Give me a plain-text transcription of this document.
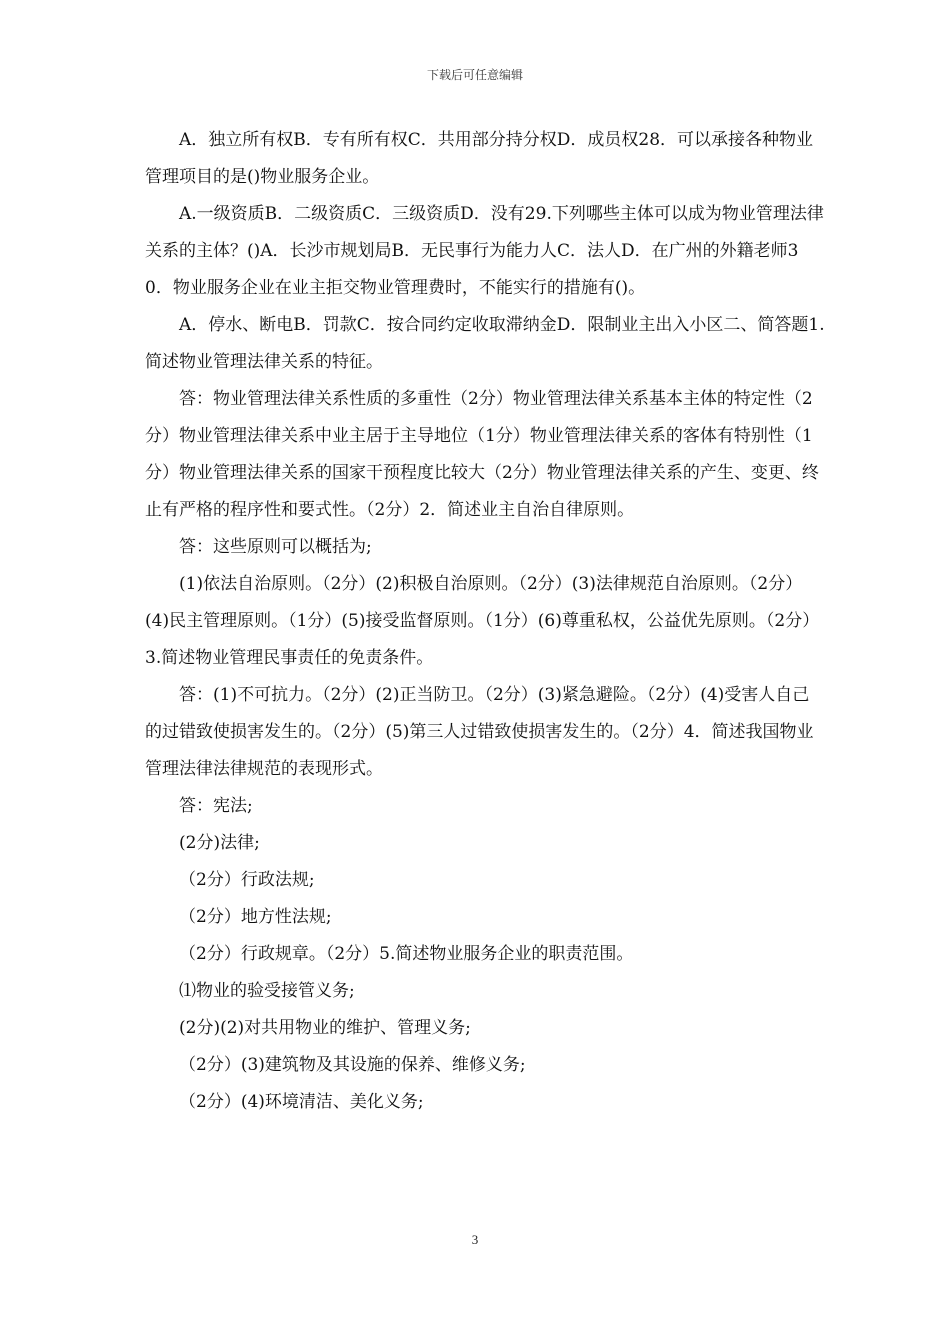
下载后可任意编辑

A．独立所有权B．专有所有权C．共用部分持分权D．成员权28．可以承接各种物业管理项目的是()物业服务企业。

A.一级资质B．二级资质C．三级资质D．没有29.下列哪些主体可以成为物业管理法律关系的主体？()A．长沙市规划局B．无民事行为能力人C．法人D．在广州的外籍老师30．物业服务企业在业主拒交物业管理费时，不能实行的措施有()。

A．停水、断电B．罚款C．按合同约定收取滞纳金D．限制业主出入小区二、简答题1.简述物业管理法律关系的特征。

答：物业管理法律关系性质的多重性（2分）物业管理法律关系基本主体的特定性（2分）物业管理法律关系中业主居于主导地位（1分）物业管理法律关系的客体有特别性（1分）物业管理法律关系的国家干预程度比较大（2分）物业管理法律关系的产生、变更、终止有严格的程序性和要式性。（2分）2．简述业主自治自律原则。

答：这些原则可以概括为;

(1)依法自治原则。（2分）(2)积极自治原则。（2分）(3)法律规范自治原则。（2分）(4)民主管理原则。（1分）(5)接受监督原则。（1分）(6)尊重私权，公益优先原则。（2分）3.简述物业管理民事责任的免责条件。

答：(1)不可抗力。（2分）(2)正当防卫。（2分）(3)紧急避险。（2分）(4)受害人自己的过错致使损害发生的。（2分）(5)第三人过错致使损害发生的。（2分）4．简述我国物业管理法律法律规范的表现形式。

答：宪法;

(2分)法律;

（2分）行政法规;

（2分）地方性法规;

（2分）行政规章。（2分）5.简述物业服务企业的职责范围。

⑴物业的验受接管义务;

(2分)(2)对共用物业的维护、管理义务;

（2分）(3)建筑物及其设施的保养、维修义务;

（2分）(4)环境清洁、美化义务;

3
